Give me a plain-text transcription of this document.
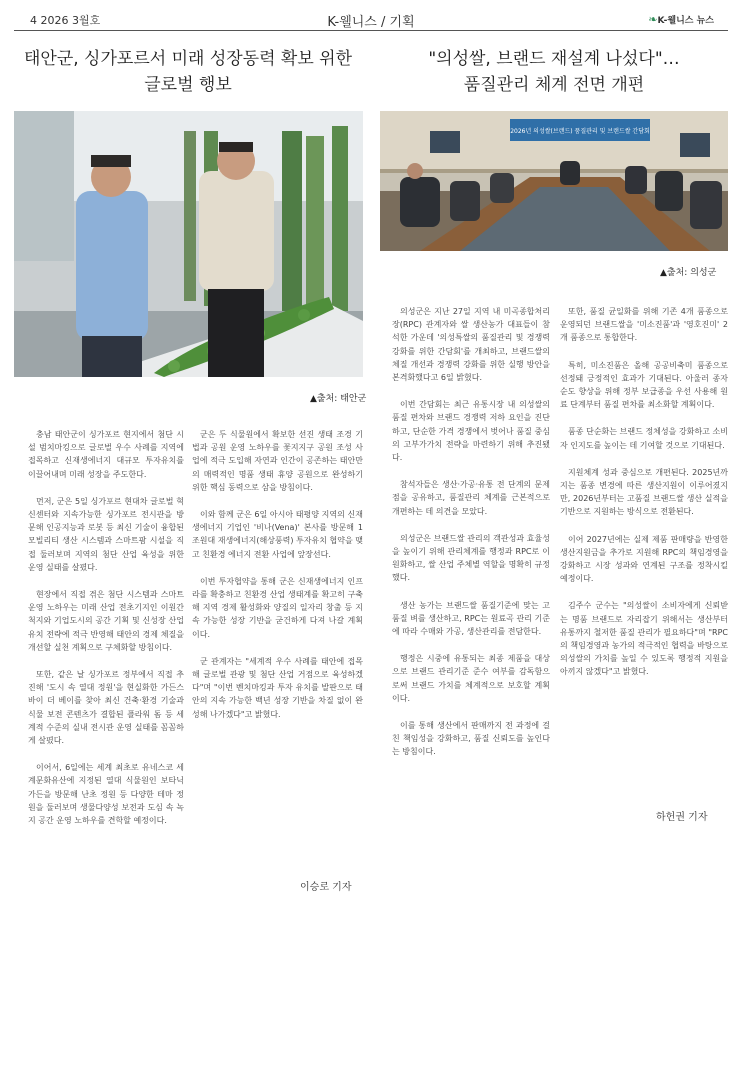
4 2026 3월호	K-웰니스 / 기획	❧K-웰니스 뉴스
태안군, 싱가포르서 미래 성장동력 확보 위한
글로벌 행보
▲출처: 태안군

충남 태안군이 싱가포르 현지에서 첨단 시설 범치마킹으로 글로벌 우수 사례를 지역에 접목하고 신재생에너지 대규모 투자유치를 이끌어내며 미래 성장을 주도한다.

먼저, 군은 5일 싱가포르 현대차 글로벌 혁신센터와 지속가능한 싱가포르 전시관을 방문해 인공지능과 로봇 등 최신 기술이 융합된 모빌리티 생산 시스템과 스마트팜 시설을 직접 둘러보며 지역의 첨단 산업 육성을 위한 운영 실태를 살폈다.

현장에서 직접 겪은 첨단 시스템과 스마트 운영 노하우는 미래 산업 전초기지인 이원간척지와 기업도시의 공간 기획 및 신성장 산업 유치 전략에 적극 반영해 태안의 경제 체질을 개선할 실천 계획으로 구체화할 방침이다.

또한, 같은 날 싱가포르 정부에서 직접 추진해 '도시 속 열대 정원'을 현실화한 가든스 바이 더 베이를 찾아 최신 건축·환경 기술과 식물 보전 콘텐츠가 결합된 플라워 돔 등 세계적 수준의 실내 전시관 운영 실태를 꼼꼼하게 살폈다.

이어서, 6일에는 세계 최초로 유네스코 세계문화유산에 지정된 열대 식물원인 보타닉 가든을 방문해 난초 정원 등 다양한 테마 정원을 둘러보며 생물다양성 보전과 도심 속 녹지 공간 운영 노하우를 견학할 예정이다.

군은 두 식물원에서 확보한 선진 생태 조경 기법과 공원 운영 노하우를 꽃지지구 공원 조성 사업에 적극 도입해 자연과 인간이 공존하는 태안만의 매력적인 명품 생태 휴양 공원으로 완성하기 위한 핵심 동력으로 삼을 방침이다.

이와 함께 군은 6일 아시아 태평양 지역의 신재생에너지 기업인 '비나(Vena)' 본사를 방문해 1조원대 재생에너지(해상풍력) 투자유치 협약을 맺고 친환경 에너지 전환 사업에 앞장선다.

이번 투자협약을 통해 군은 신재생에너지 인프라를 확충하고 친환경 산업 생태계를 확고히 구축해 지역 경제 활성화와 양질의 일자리 창출 등 지속 가능한 성장 기반을 굳건하게 다져 나갈 계획이다.

군 관계자는 "세계적 우수 사례를 태안에 접목해 글로벌 관광 및 첨단 산업 거점으로 육성하겠다"며 "이번 벤치마킹과 투자 유치를 발판으로 태안의 지속 가능한 백년 성장 기반을 차질 없이 완성해 나가겠다"고 밝혔다.

이승로 기자
"의성쌀, 브랜드 재설계 나섰다"…
품질관리 체계 전면 개편
2026년 의성쌀(브랜드) 품질관리 및 브랜드쌀 간담회
▲출처: 의성군

의성군은 지난 27일 지역 내 미곡종합처리장(RPC) 관계자와 쌀 생산농가 대표들이 참석한 가운데 '의성특쌀의 품질관리 및 경쟁력 강화를 위한 간담회'를 개최하고, 브랜드쌀의 체질 개선과 경쟁력 강화를 위한 실행 방안을 본격화했다고 6일 밝혔다.

이번 간담회는 최근 유통시장 내 의성쌀의 품질 편차와 브랜드 경쟁력 저하 요인을 진단하고, 단순한 가격 경쟁에서 벗어나 품질 중심의 고부가가치 전략을 마련하기 위해 추진됐다.

참석자들은 생산·가공·유통 전 단계의 문제점을 공유하고, 품질관리 체계를 근본적으로 개편하는 데 의견을 모았다.

의성군은 브랜드쌀 관리의 객관성과 효율성을 높이기 위해 관리체계를 행정과 RPC로 이원화하고, 쌀 산업 주체별 역할을 명확히 규정했다.

생산 농가는 브랜드쌀 품질기준에 맞는 고품질 벼를 생산하고, RPC는 원료곡 관리 기준에 따라 수매와 가공, 생산관리를 전담한다.

행정은 시중에 유통되는 최종 제품을 대상으로 브랜드 관리기준 준수 여부를 감독함으로써 브랜드 가치를 체계적으로 보호할 계획이다.

이를 통해 생산에서 판매까지 전 과정에 걸친 책임성을 강화하고, 품질 신뢰도를 높인다는 방침이다.

또한, 품질 균일화를 위해 기존 4개 품종으로 운영되던 브랜드쌀을 '미소진품'과 '영호진미' 2개 품종으로 통합한다.

특히, 미소진품은 올해 공공비축미 품종으로 선정돼 긍정적인 효과가 기대된다. 아울러 종자 순도 향상을 위해 정부 보급종을 우선 사용해 원료 단계부터 품질 편차를 최소화할 계획이다.

품종 단순화는 브랜드 정체성을 강화하고 소비자 인지도를 높이는 데 기여할 것으로 기대된다.

지원체계 성과 중심으로 개편된다. 2025년까지는 품종 변경에 따른 생산지원이 이루어졌지만, 2026년부터는 고품질 브랜드쌀 생산 실적을 기반으로 지원하는 방식으로 전환된다.

이어 2027년에는 실제 제품 판매량을 반영한 생산지원금을 추가로 지원해 RPC의 책임경영을 강화하고 시장 성과와 연계된 구조를 정착시킬 예정이다.

김주수 군수는 "의성쌀이 소비자에게 신뢰받는 명품 브랜드로 자리잡기 위해서는 생산부터 유통까지 철저한 품질 관리가 필요하다"며 "RPC의 책임경영과 농가의 적극적인 협력을 바탕으로 의성쌀의 가치를 높일 수 있도록 행정적 지원을 아끼지 않겠다"고 밝혔다.

하헌권 기자
